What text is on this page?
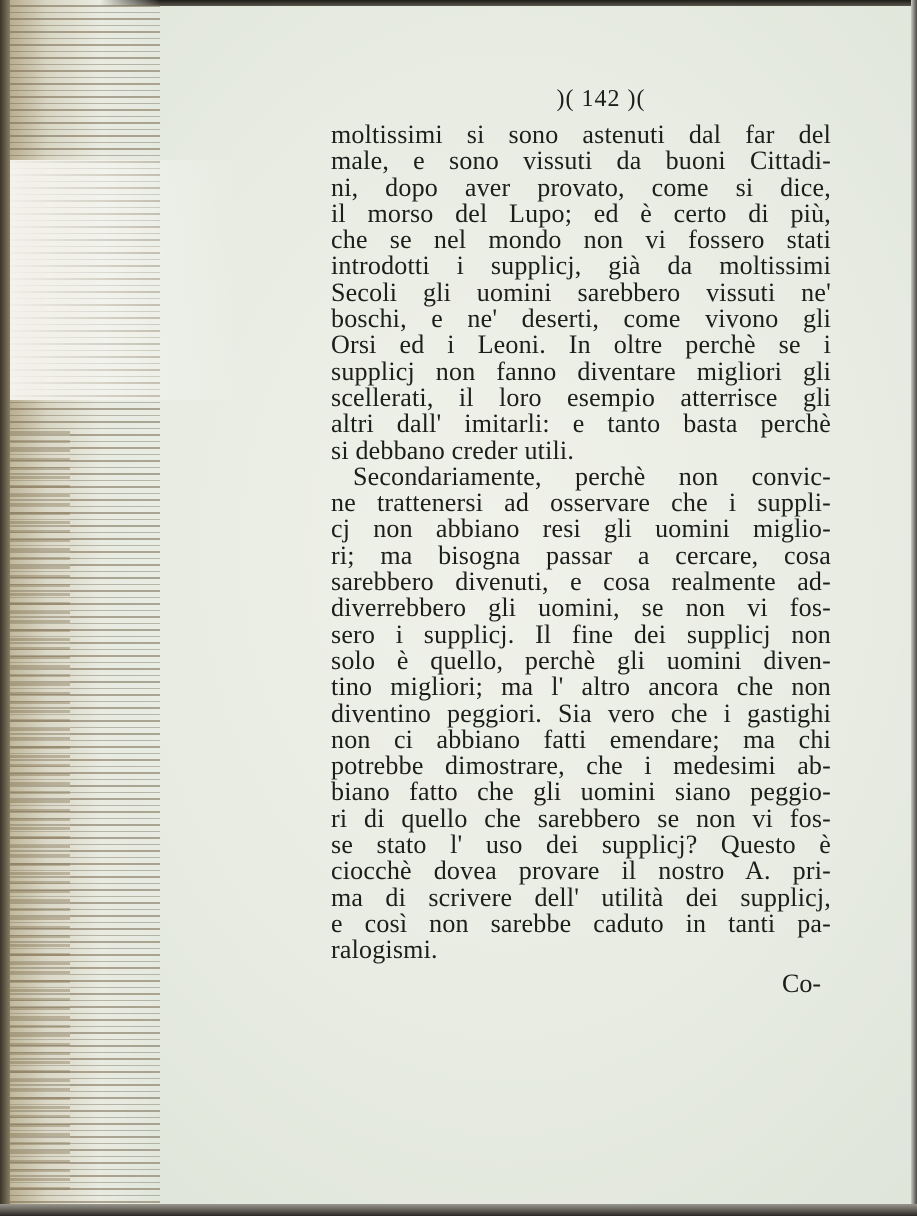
)( 142 )(
moltissimi si sono astenuti dal far del
male, e sono vissuti da buoni Cittadi-
ni, dopo aver provato, come si dice,
il morso del Lupo; ed è certo di più,
che se nel mondo non vi fossero stati
introdotti i supplicj, già da moltissimi
Secoli gli uomini sarebbero vissuti ne'
boschi, e ne' deserti, come vivono gli
Orsi ed i Leoni. In oltre perchè se i
supplicj non fanno diventare migliori gli
scellerati, il loro esempio atterrisce gli
altri dall' imitarli: e tanto basta perchè
si debbano creder utili.
Secondariamente, perchè non convic-
ne trattenersi ad osservare che i suppli-
cj non abbiano resi gli uomini miglio-
ri; ma bisogna passar a cercare, cosa
sarebbero divenuti, e cosa realmente ad-
diverrebbero gli uomini, se non vi fos-
sero i supplicj. Il fine dei supplicj non
solo è quello, perchè gli uomini diven-
tino migliori; ma l' altro ancora che non
diventino peggiori. Sia vero che i gastighi
non ci abbiano fatti emendare; ma chi
potrebbe dimostrare, che i medesimi ab-
biano fatto che gli uomini siano peggio-
ri di quello che sarebbero se non vi fos-
se stato l' uso dei supplicj? Questo è
ciocchè dovea provare il nostro A. pri-
ma di scrivere dell' utilità dei supplicj,
e così non sarebbe caduto in tanti pa-
ralogismi.
Co-
